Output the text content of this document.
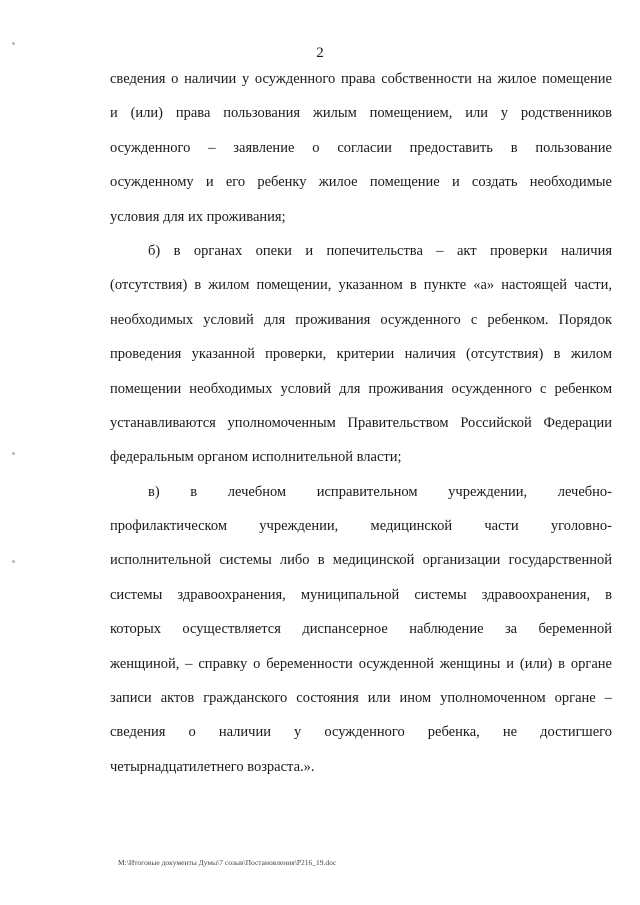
2
сведения о наличии у осужденного права собственности на жилое помещение
и (или) права пользования жилым помещением, или у родственников
осужденного – заявление о согласии предоставить в пользование
осужденному и его ребенку жилое помещение и создать необходимые
условия для их проживания;
б) в органах опеки и попечительства – акт проверки наличия
(отсутствия) в жилом помещении, указанном в пункте «а» настоящей части,
необходимых условий для проживания осужденного с ребенком. Порядок
проведения указанной проверки, критерии наличия (отсутствия) в жилом
помещении необходимых условий для проживания осужденного с ребенком
устанавливаются уполномоченным Правительством Российской Федерации
федеральным органом исполнительной власти;
в) в лечебном исправительном учреждении, лечебно-
профилактическом учреждении, медицинской части уголовно-
исполнительной системы либо в медицинской организации государственной
системы здравоохранения, муниципальной системы здравоохранения, в
которых осуществляется диспансерное наблюдение за беременной
женщиной, – справку о беременности осужденной женщины и (или) в органе
записи актов гражданского состояния или ином уполномоченном органе –
сведения о наличии у осужденного ребенка, не достигшего
четырнадцатилетнего возраста.».
M:\Итоговые документы Думы\7 созыв\Постановления\Р216_19.doc
